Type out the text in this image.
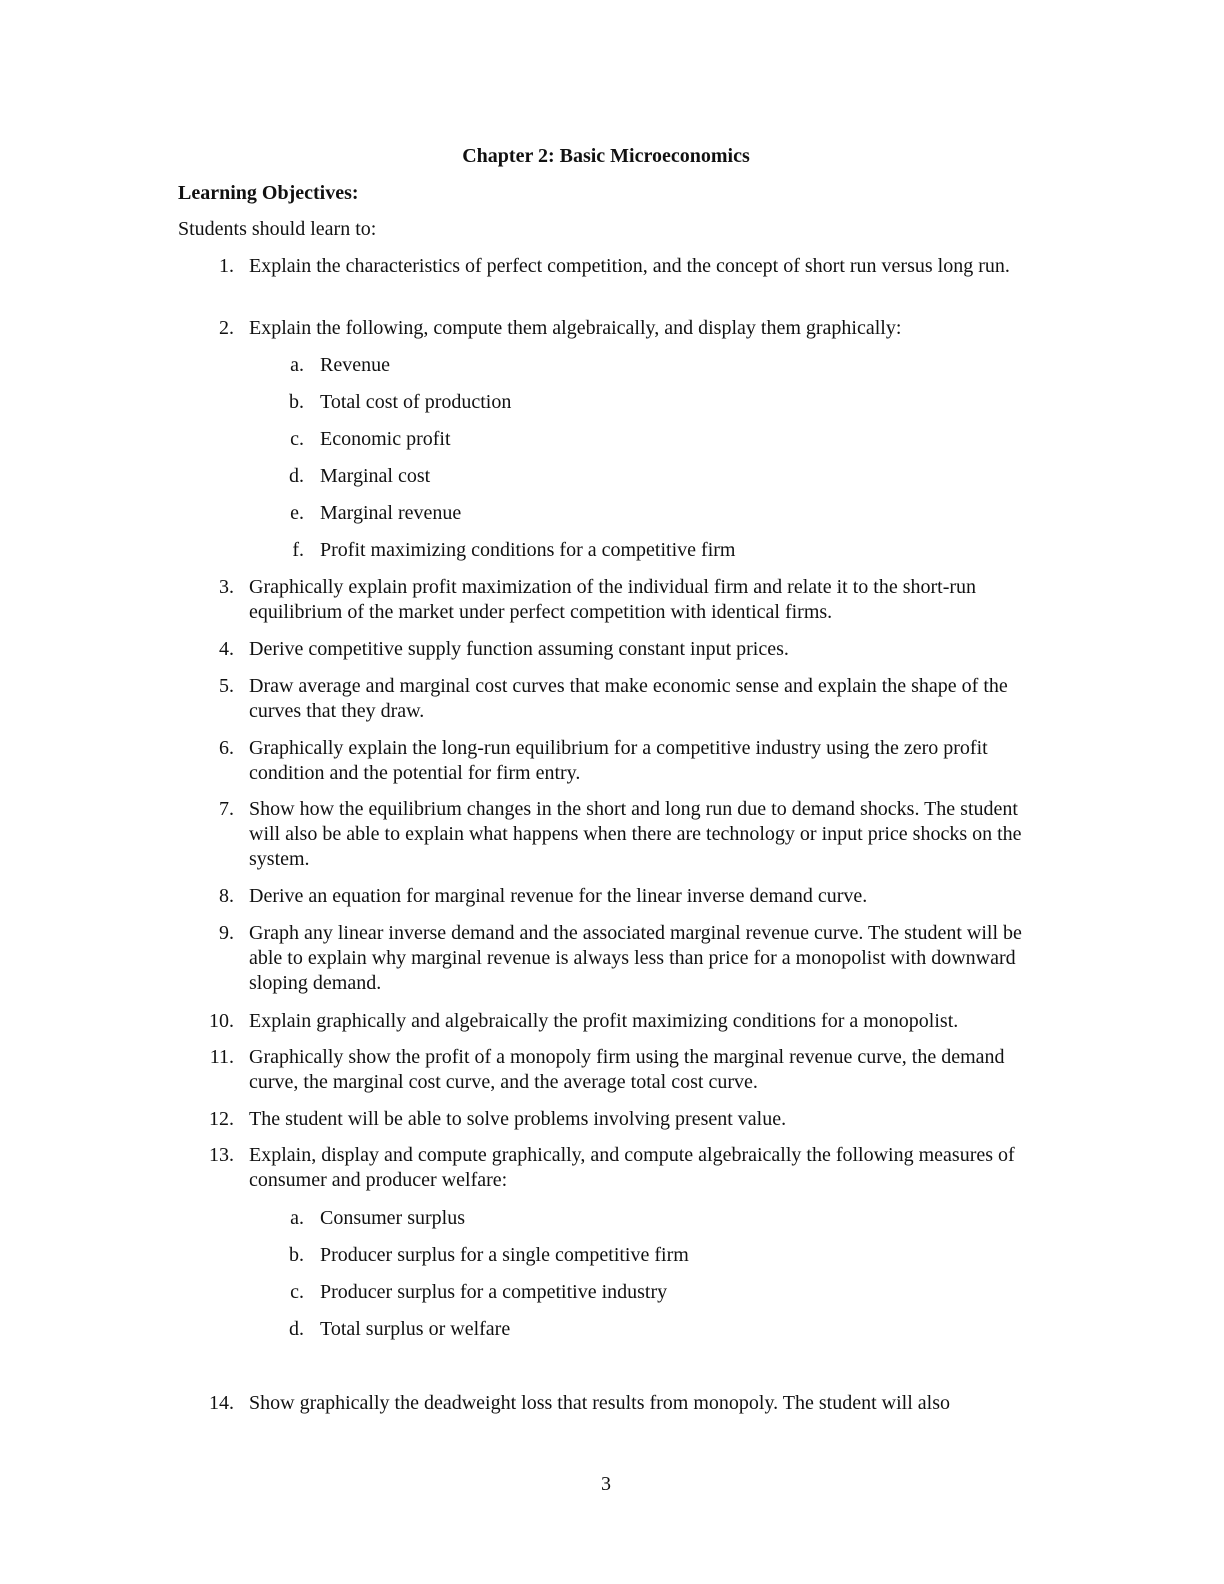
Chapter 2: Basic Microeconomics
Learning Objectives:
Students should learn to:
1. Explain the characteristics of perfect competition, and the concept of short run versus long run.
2. Explain the following, compute them algebraically, and display them graphically:
a. Revenue
b. Total cost of production
c. Economic profit
d. Marginal cost
e. Marginal revenue
f. Profit maximizing conditions for a competitive firm
3. Graphically explain profit maximization of the individual firm and relate it to the short-run equilibrium of the market under perfect competition with identical firms.
4. Derive competitive supply function assuming constant input prices.
5. Draw average and marginal cost curves that make economic sense and explain the shape of the curves that they draw.
6. Graphically explain the long-run equilibrium for a competitive industry using the zero profit condition and the potential for firm entry.
7. Show how the equilibrium changes in the short and long run due to demand shocks. The student will also be able to explain what happens when there are technology or input price shocks on the system.
8. Derive an equation for marginal revenue for the linear inverse demand curve.
9. Graph any linear inverse demand and the associated marginal revenue curve. The student will be able to explain why marginal revenue is always less than price for a monopolist with downward sloping demand.
10. Explain graphically and algebraically the profit maximizing conditions for a monopolist.
11. Graphically show the profit of a monopoly firm using the marginal revenue curve, the demand curve, the marginal cost curve, and the average total cost curve.
12. The student will be able to solve problems involving present value.
13. Explain, display and compute graphically, and compute algebraically the following measures of consumer and producer welfare:
a. Consumer surplus
b. Producer surplus for a single competitive firm
c. Producer surplus for a competitive industry
d. Total surplus or welfare
14. Show graphically the deadweight loss that results from monopoly. The student will also
3
